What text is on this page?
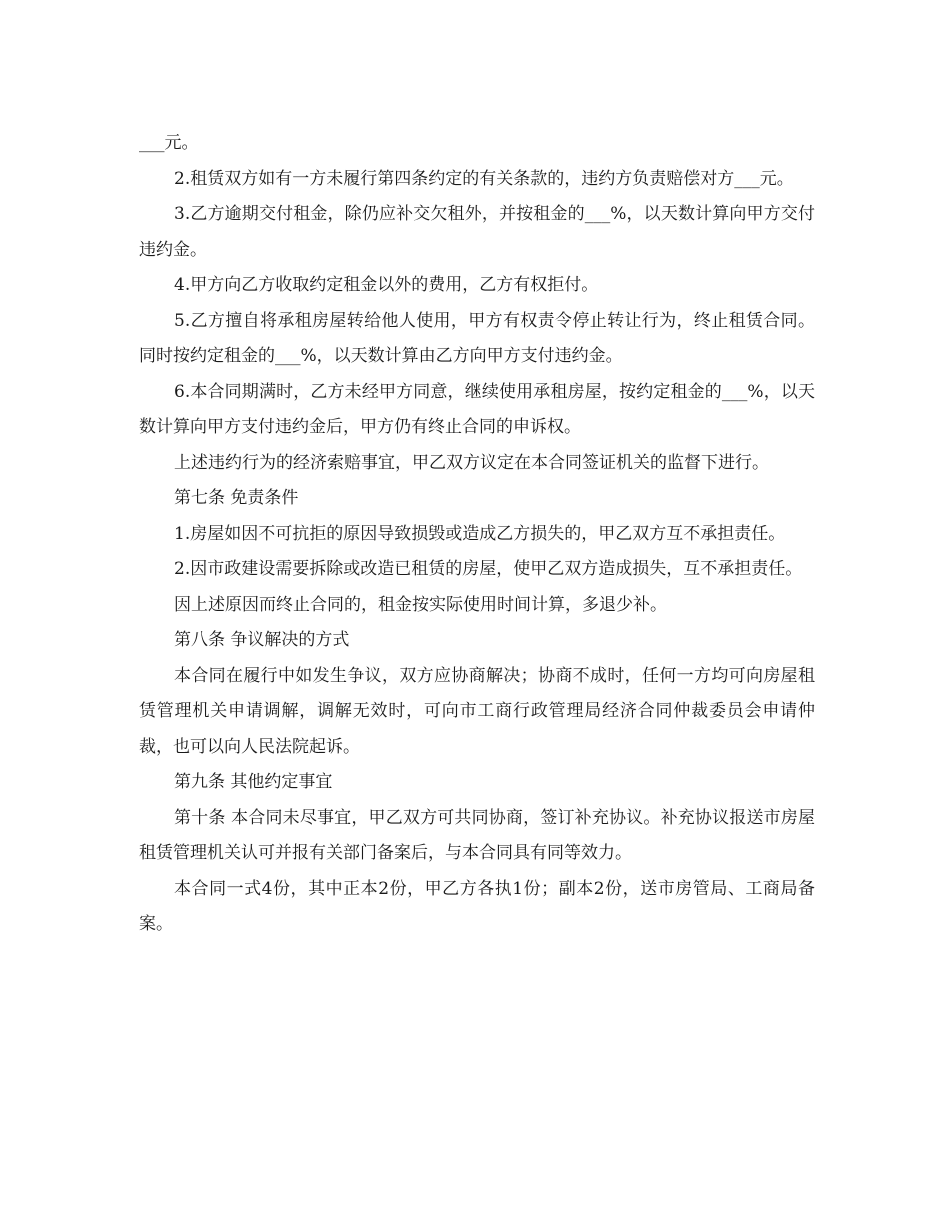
___元。

2.租赁双方如有一方未履行第四条约定的有关条款的，违约方负责赔偿对方___元。

3.乙方逾期交付租金，除仍应补交欠租外，并按租金的___%，以天数计算向甲方交付违约金。

4.甲方向乙方收取约定租金以外的费用，乙方有权拒付。

5.乙方擅自将承租房屋转给他人使用，甲方有权责令停止转让行为，终止租赁合同。同时按约定租金的___%，以天数计算由乙方向甲方支付违约金。

6.本合同期满时，乙方未经甲方同意，继续使用承租房屋，按约定租金的___%，以天数计算向甲方支付违约金后，甲方仍有终止合同的申诉权。

上述违约行为的经济索赔事宜，甲乙双方议定在本合同签证机关的监督下进行。

第七条 免责条件

1.房屋如因不可抗拒的原因导致损毁或造成乙方损失的，甲乙双方互不承担责任。

2.因市政建设需要拆除或改造已租赁的房屋，使甲乙双方造成损失，互不承担责任。

因上述原因而终止合同的，租金按实际使用时间计算，多退少补。

第八条 争议解决的方式

本合同在履行中如发生争议，双方应协商解决；协商不成时，任何一方均可向房屋租赁管理机关申请调解，调解无效时，可向市工商行政管理局经济合同仲裁委员会申请仲裁，也可以向人民法院起诉。

第九条 其他约定事宜

第十条 本合同未尽事宜，甲乙双方可共同协商，签订补充协议。补充协议报送市房屋租赁管理机关认可并报有关部门备案后，与本合同具有同等效力。

本合同一式4份，其中正本2份，甲乙方各执1份；副本2份，送市房管局、工商局备案。
